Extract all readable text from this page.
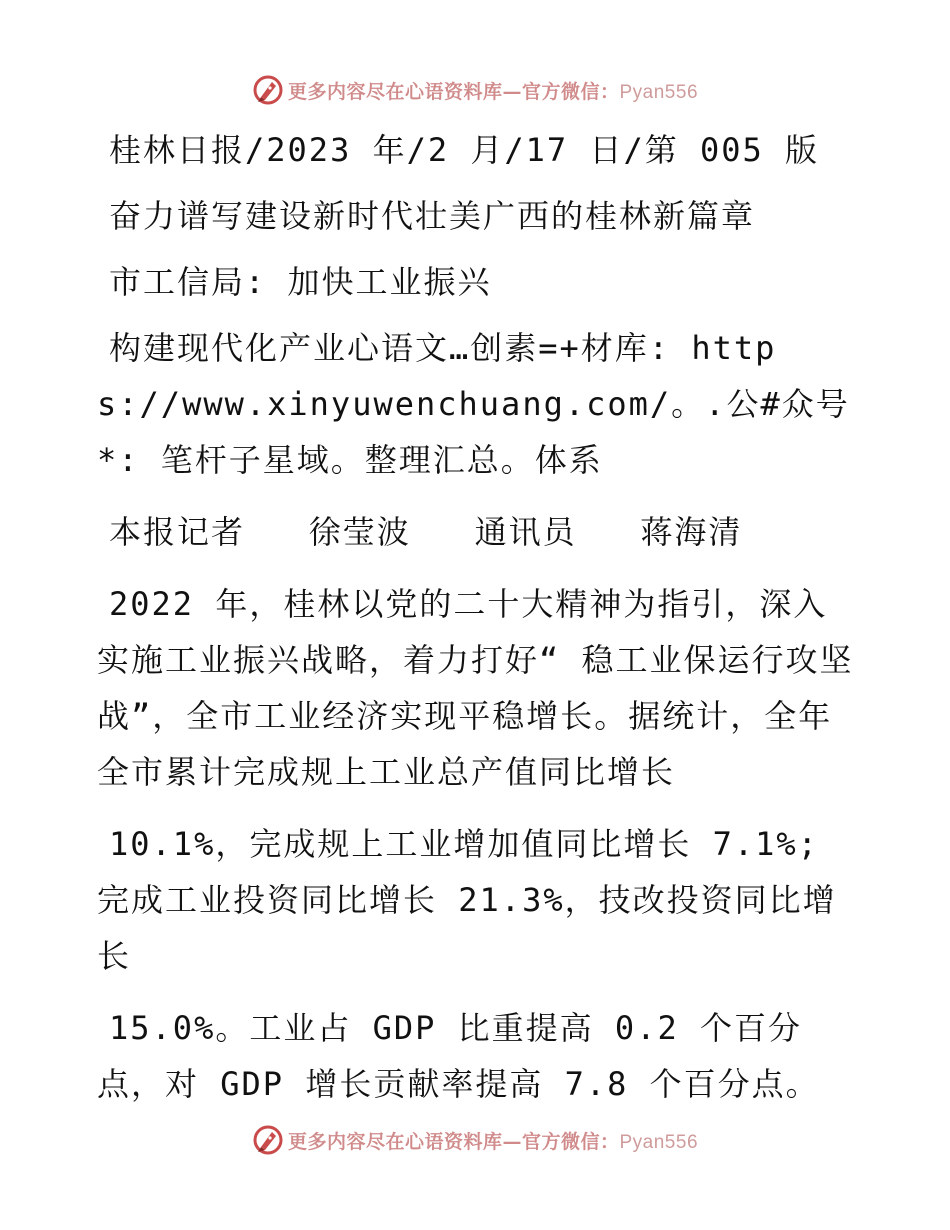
更多内容尽在心语资料库—官方微信：Pyan556

桂林日报/2023 年/2 月/17 日/第 005 版

奋力谱写建设新时代壮美广西的桂林新篇章

市工信局: 加快工业振兴

构建现代化产业心语文…创素=+材库: https://www.xinyuwenchuang.com/。.公#众号*: 笔杆子星域。整理汇总。体系

本报记者   徐莹波   通讯员   蒋海清

2022 年，桂林以党的二十大精神为指引，深入实施工业振兴战略，着力打好“ 稳工业保运行攻坚战”，全市工业经济实现平稳增长。据统计，全年全市累计完成规上工业总产值同比增长

10.1%，完成规上工业增加值同比增长 7.1%; 完成工业投资同比增长 21.3%，技改投资同比增长

15.0%。工业占 GDP 比重提高 0.2 个百分点，对 GDP 增长贡献率提高 7.8 个百分点。

更多内容尽在心语资料库—官方微信：Pyan556
